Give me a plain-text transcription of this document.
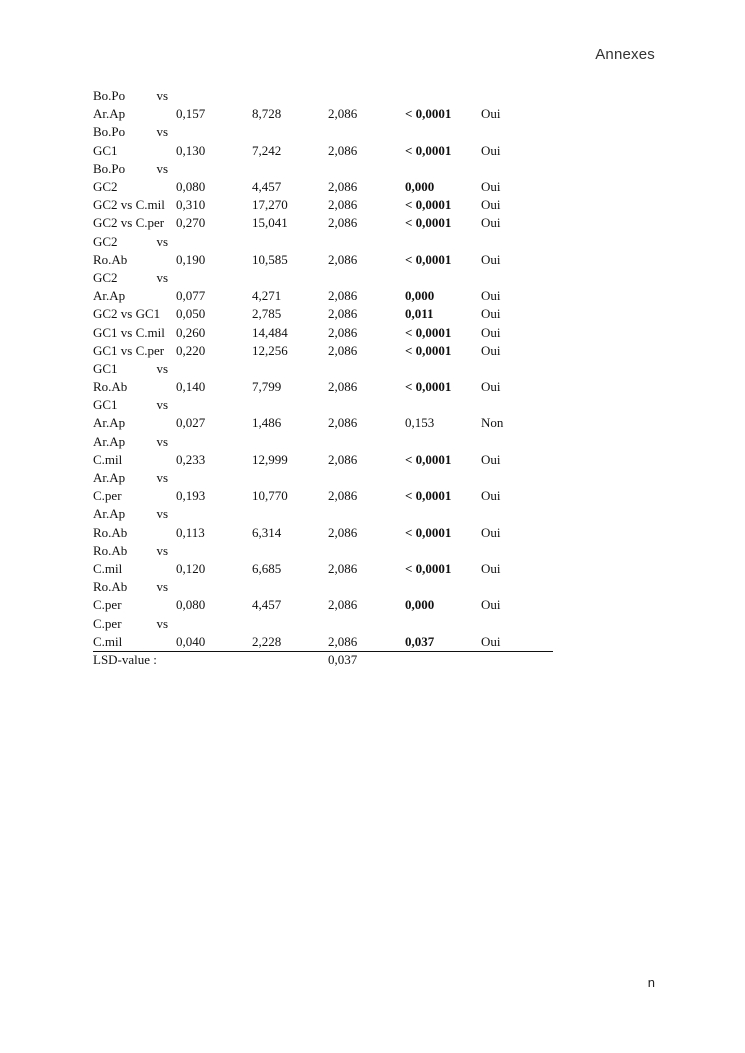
Annexes
Bo.Po vs
Ar.Ap	0,157	8,728	2,086	< 0,0001 Oui
Bo.Po vs
GC1	0,130	7,242	2,086	< 0,0001 Oui
Bo.Po vs
GC2	0,080	4,457	2,086	0,000	Oui
GC2 vs C.mil 0,310	17,270	2,086	< 0,0001 Oui
GC2 vs C.per 0,270	15,041	2,086	< 0,0001 Oui
GC2	vs
Ro.Ab	0,190	10,585	2,086	< 0,0001 Oui
GC2	vs
Ar.Ap	0,077	4,271	2,086	0,000	Oui
GC2 vs GC1	0,050	2,785	2,086	0,011	Oui
GC1 vs C.mil 0,260	14,484	2,086	< 0,0001 Oui
GC1 vs C.per 0,220	12,256	2,086	< 0,0001 Oui
GC1	vs
Ro.Ab	0,140	7,799	2,086	< 0,0001 Oui
GC1	vs
Ar.Ap	0,027	1,486	2,086	0,153	Non
Ar.Ap vs
C.mil	0,233	12,999	2,086	< 0,0001 Oui
Ar.Ap vs
C.per	0,193	10,770	2,086	< 0,0001 Oui
Ar.Ap vs
Ro.Ab	0,113	6,314	2,086	< 0,0001 Oui
Ro.Ab vs
C.mil	0,120	6,685	2,086	< 0,0001 Oui
Ro.Ab vs
C.per	0,080	4,457	2,086	0,000	Oui
C.per	vs
C.mil	0,040	2,228	2,086	0,037	Oui
LSD-value :	0,037
n
